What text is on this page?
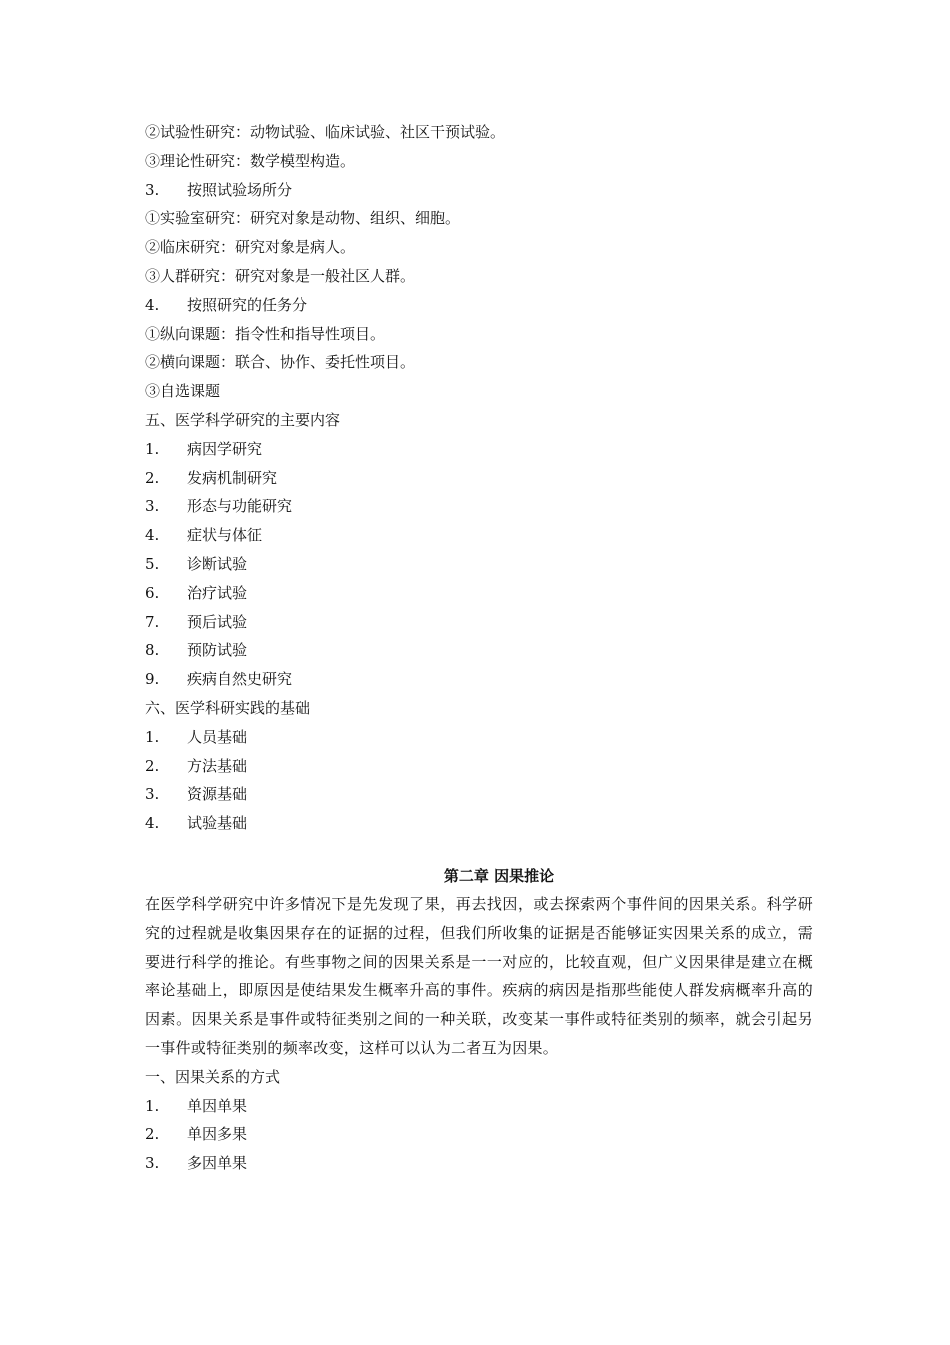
②试验性研究：动物试验、临床试验、社区干预试验。
③理论性研究：数学模型构造。
3. 按照试验场所分
①实验室研究：研究对象是动物、组织、细胞。
②临床研究：研究对象是病人。
③人群研究：研究对象是一般社区人群。
4. 按照研究的任务分
①纵向课题：指令性和指导性项目。
②横向课题：联合、协作、委托性项目。
③自选课题
五、医学科学研究的主要内容
1. 病因学研究
2. 发病机制研究
3. 形态与功能研究
4. 症状与体征
5. 诊断试验
6. 治疗试验
7. 预后试验
8. 预防试验
9. 疾病自然史研究
六、医学科研实践的基础
1. 人员基础
2. 方法基础
3. 资源基础
4. 试验基础
第二章 因果推论
在医学科学研究中许多情况下是先发现了果，再去找因，或去探索两个事件间的因果关系。科学研究的过程就是收集因果存在的证据的过程，但我们所收集的证据是否能够证实因果关系的成立，需要进行科学的推论。有些事物之间的因果关系是一一对应的，比较直观，但广义因果律是建立在概率论基础上，即原因是使结果发生概率升高的事件。疾病的病因是指那些能使人群发病概率升高的因素。因果关系是事件或特征类别之间的一种关联，改变某一事件或特征类别的频率，就会引起另一事件或特征类别的频率改变，这样可以认为二者互为因果。
一、因果关系的方式
1. 单因单果
2. 单因多果
3. 多因单果
